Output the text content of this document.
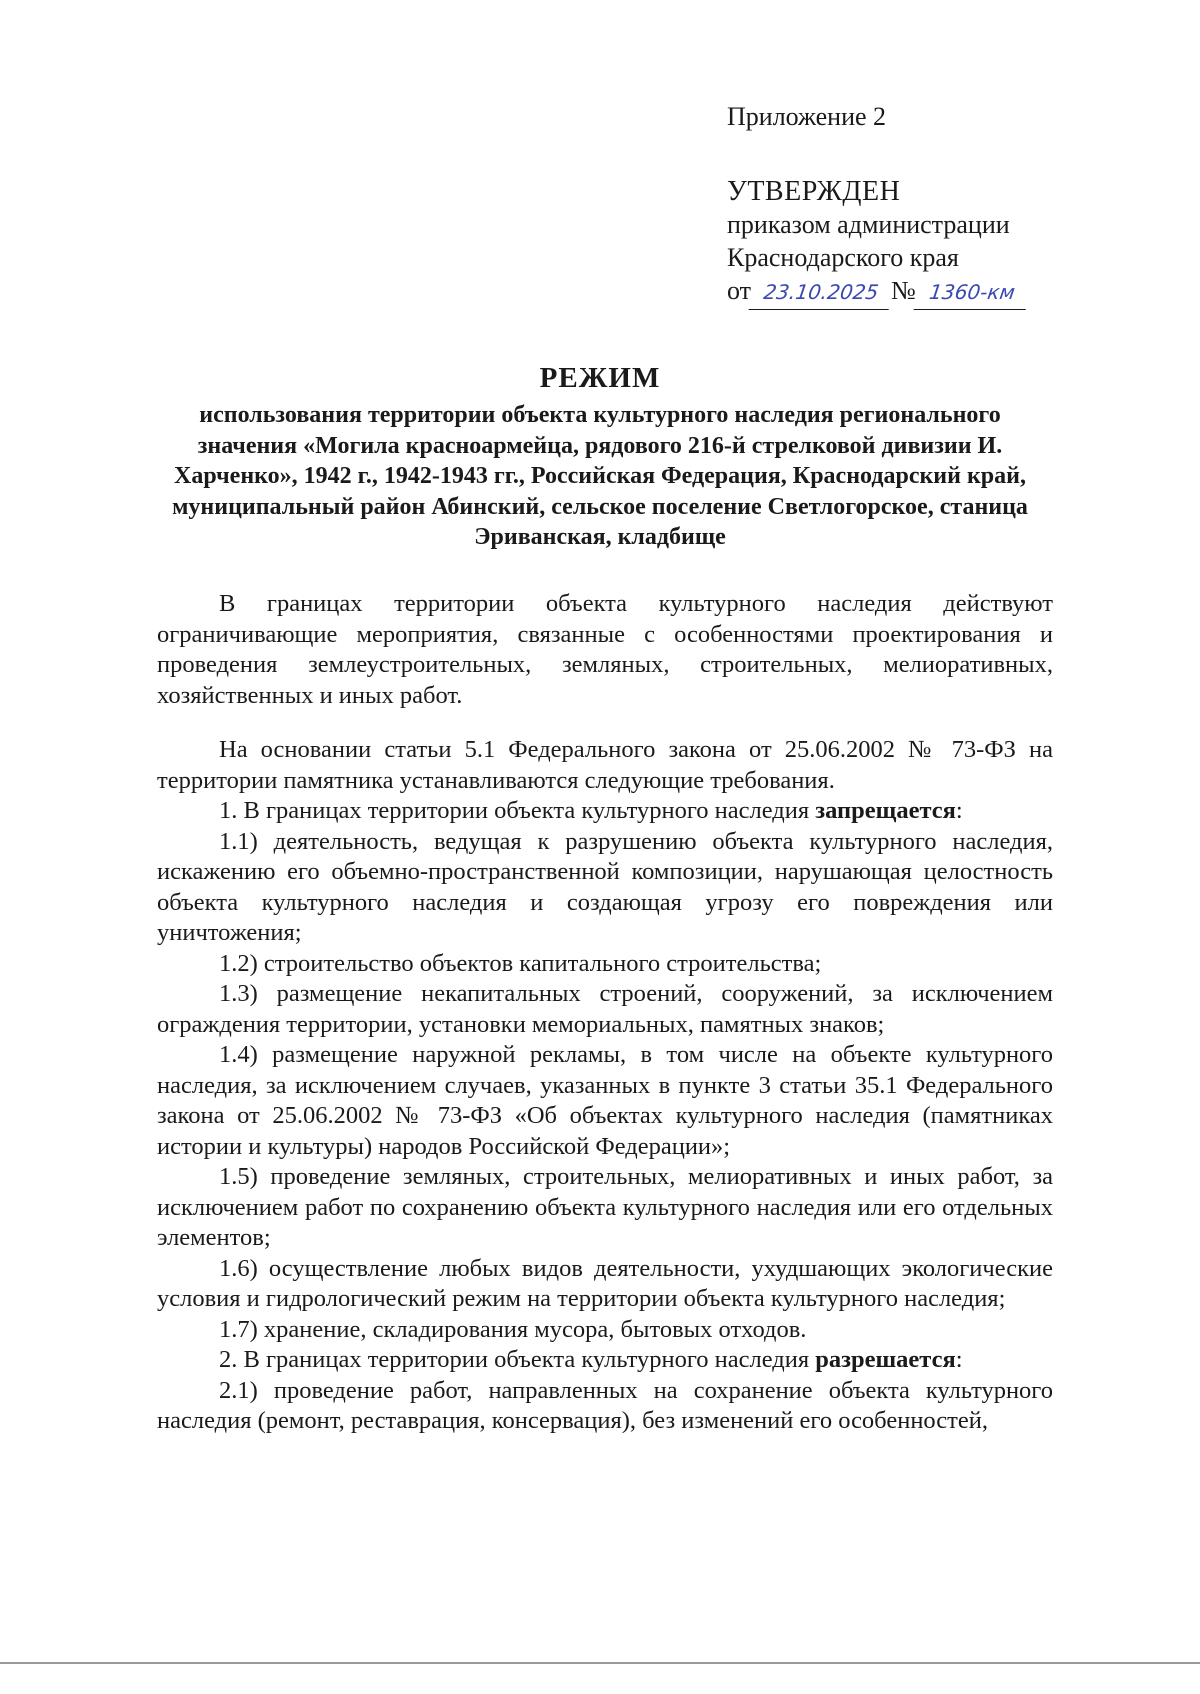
Приложение 2
УТВЕРЖДЕН
приказом администрации
Краснодарского края
от 23.10.2025 № 1360-км
РЕЖИМ
использования территории объекта культурного наследия регионального значения «Могила красноармейца, рядового 216-й стрелковой дивизии И. Харченко», 1942 г., 1942-1943 гг., Российская Федерация, Краснодарский край, муниципальный район Абинский, сельское поселение Светлогорское, станица Эриванская, кладбище

В границах территории объекта культурного наследия действуют ограничивающие мероприятия, связанные с особенностями проектирования и проведения землеустроительных, земляных, строительных, мелиоративных, хозяйственных и иных работ.

На основании статьи 5.1 Федерального закона от 25.06.2002 № 73-ФЗ на территории памятника устанавливаются следующие требования.

1. В границах территории объекта культурного наследия запрещается:

1.1) деятельность, ведущая к разрушению объекта культурного наследия, искажению его объемно-пространственной композиции, нарушающая целостность объекта культурного наследия и создающая угрозу его повреждения или уничтожения;

1.2) строительство объектов капитального строительства;

1.3) размещение некапитальных строений, сооружений, за исключением ограждения территории, установки мемориальных, памятных знаков;

1.4) размещение наружной рекламы, в том числе на объекте культурного наследия, за исключением случаев, указанных в пункте 3 статьи 35.1 Федерального закона от 25.06.2002 № 73-ФЗ «Об объектах культурного наследия (памятниках истории и культуры) народов Российской Федерации»;

1.5) проведение земляных, строительных, мелиоративных и иных работ, за исключением работ по сохранению объекта культурного наследия или его отдельных элементов;

1.6) осуществление любых видов деятельности, ухудшающих экологические условия и гидрологический режим на территории объекта культурного наследия;

1.7) хранение, складирования мусора, бытовых отходов.

2. В границах территории объекта культурного наследия разрешается:

2.1) проведение работ, направленных на сохранение объекта культурного наследия (ремонт, реставрация, консервация), без изменений его особенностей,
